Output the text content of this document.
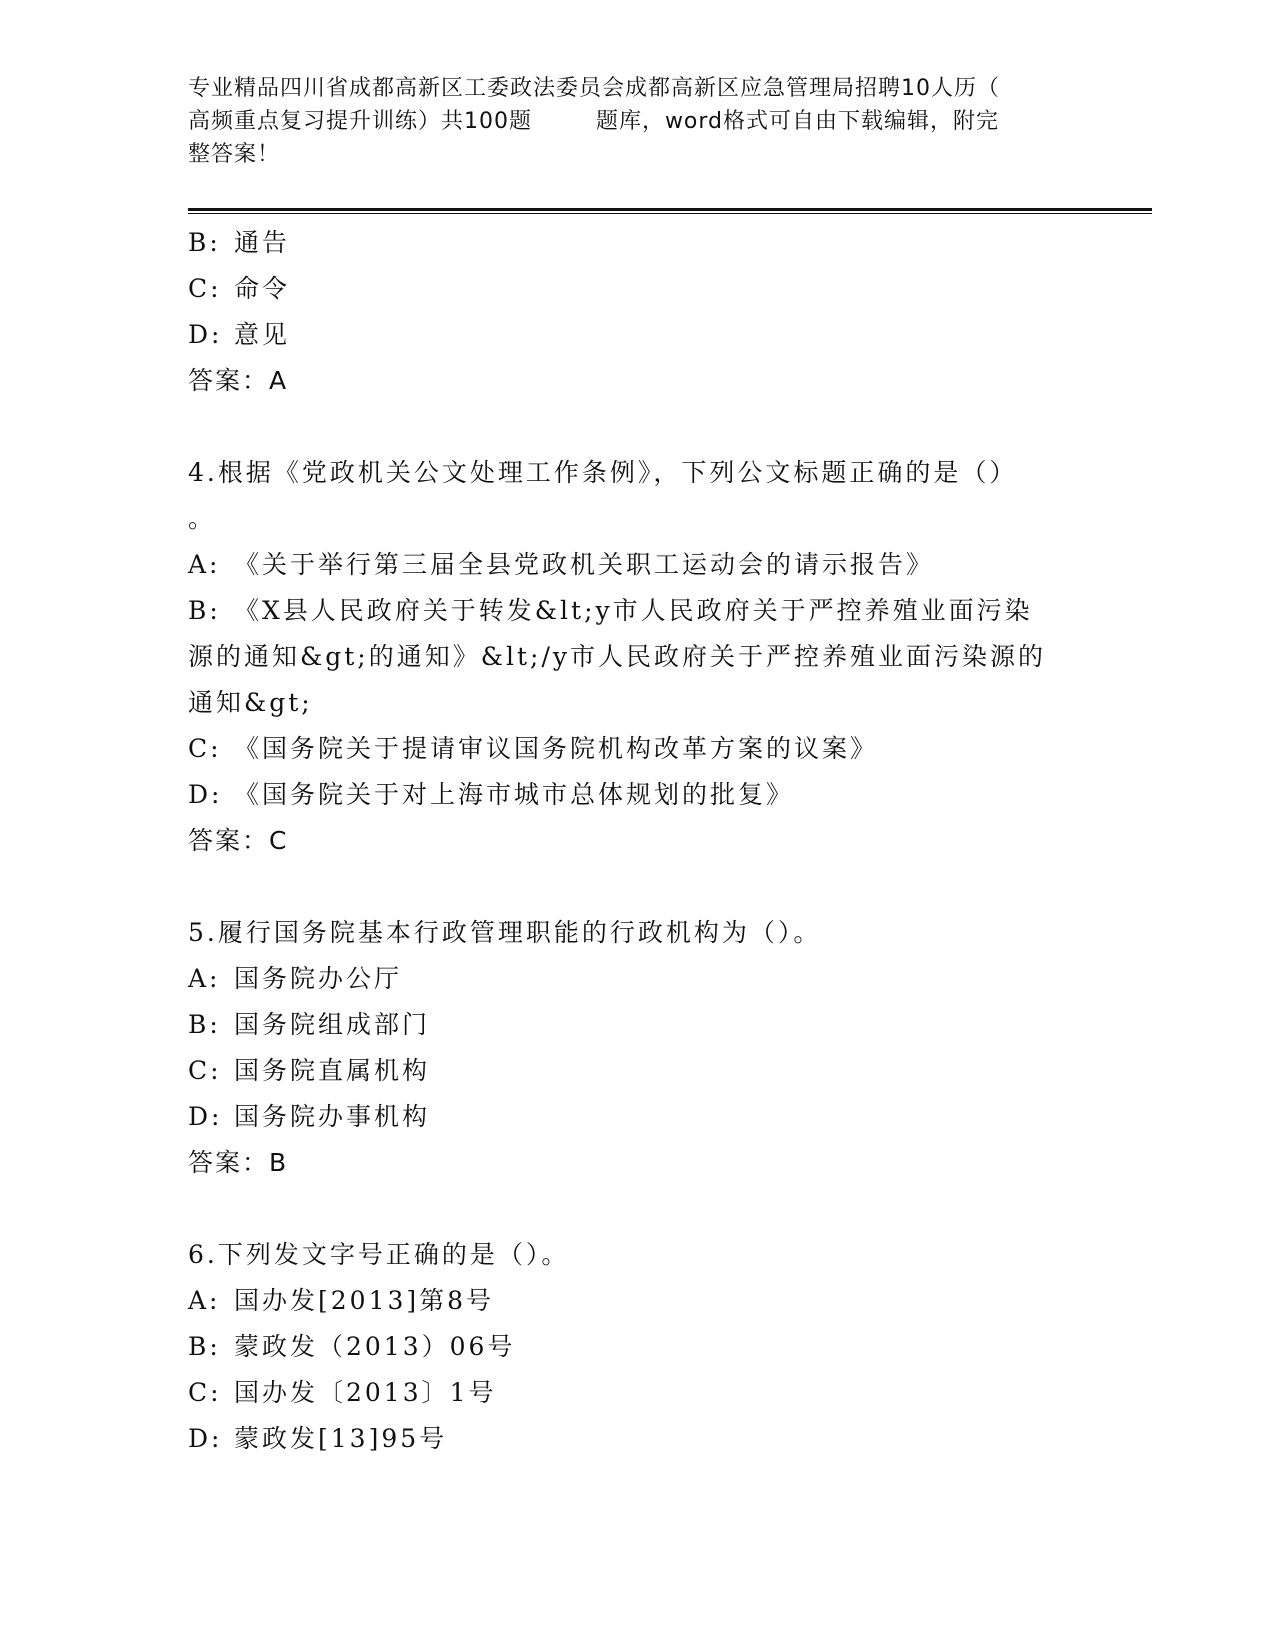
专业精品四川省成都高新区工委政法委员会成都高新区应急管理局招聘10人历（
高频重点复习提升训练）共100题        题库，word格式可自由下载编辑，附完
整答案！
B: 通告
C: 命令
D: 意见
答案：A
4.根据《党政机关公文处理工作条例》，下列公文标题正确的是（）
。
A: 《关于举行第三届全县党政机关职工运动会的请示报告》
B: 《X县人民政府关于转发&lt;y市人民政府关于严控养殖业面污染
源的通知&gt;的通知》&lt;/y市人民政府关于严控养殖业面污染源的
通知&gt;
C: 《国务院关于提请审议国务院机构改革方案的议案》
D: 《国务院关于对上海市城市总体规划的批复》
答案：C
5.履行国务院基本行政管理职能的行政机构为（）。
A: 国务院办公厅
B: 国务院组成部门
C: 国务院直属机构
D: 国务院办事机构
答案：B
6.下列发文字号正确的是（）。
A: 国办发[2013]第8号
B: 蒙政发（2013）06号
C: 国办发〔2013〕1号
D: 蒙政发[13]95号
